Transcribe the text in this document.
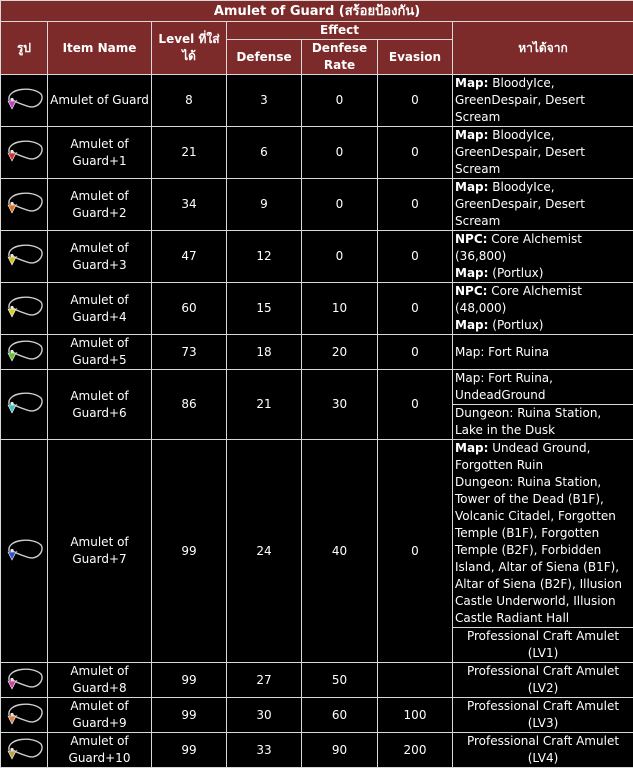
Amulet of Guard (สร้อยป้องกัน)						
รูป	Item Name	Level ที่ใส่ได้	Effect			หาได้จาก
			Defense	Denfese Rate	Evasion	
	Amulet of Guard	8	3	0	0	Map: BloodyIce, GreenDespair, Desert Scream
	Amulet of Guard+1	21	6	0	0	Map: BloodyIce, GreenDespair, Desert Scream
	Amulet of Guard+2	34	9	0	0	Map: BloodyIce, GreenDespair, Desert Scream
	Amulet of Guard+3	47	12	0	0	NPC: Core Alchemist (36,800)
Map: (Portlux)
	Amulet of Guard+4	60	15	10	0	NPC: Core Alchemist (48,000)
Map: (Portlux)
	Amulet of Guard+5	73	18	20	0	Map: Fort Ruina
	Amulet of Guard+6	86	21	30	0	Map: Fort Ruina, UndeadGround
						Dungeon: Ruina Station, Lake in the Dusk
	Amulet of Guard+7	99	24	40	0	Map: Undead Ground, Forgotten Ruin
Dungeon: Ruina Station, Tower of the Dead (B1F), Volcanic Citadel, Forgotten Temple (B1F), Forgotten Temple (B2F), Forbidden Island, Altar of Siena (B1F), Altar of Siena (B2F), Illusion Castle Underworld, Illusion Castle Radiant Hall
						Professional Craft Amulet (LV1)
	Amulet of Guard+8	99	27	50		Professional Craft Amulet (LV2)
	Amulet of Guard+9	99	30	60	100	Professional Craft Amulet (LV3)
	Amulet of Guard+10	99	33	90	200	Professional Craft Amulet (LV4)
